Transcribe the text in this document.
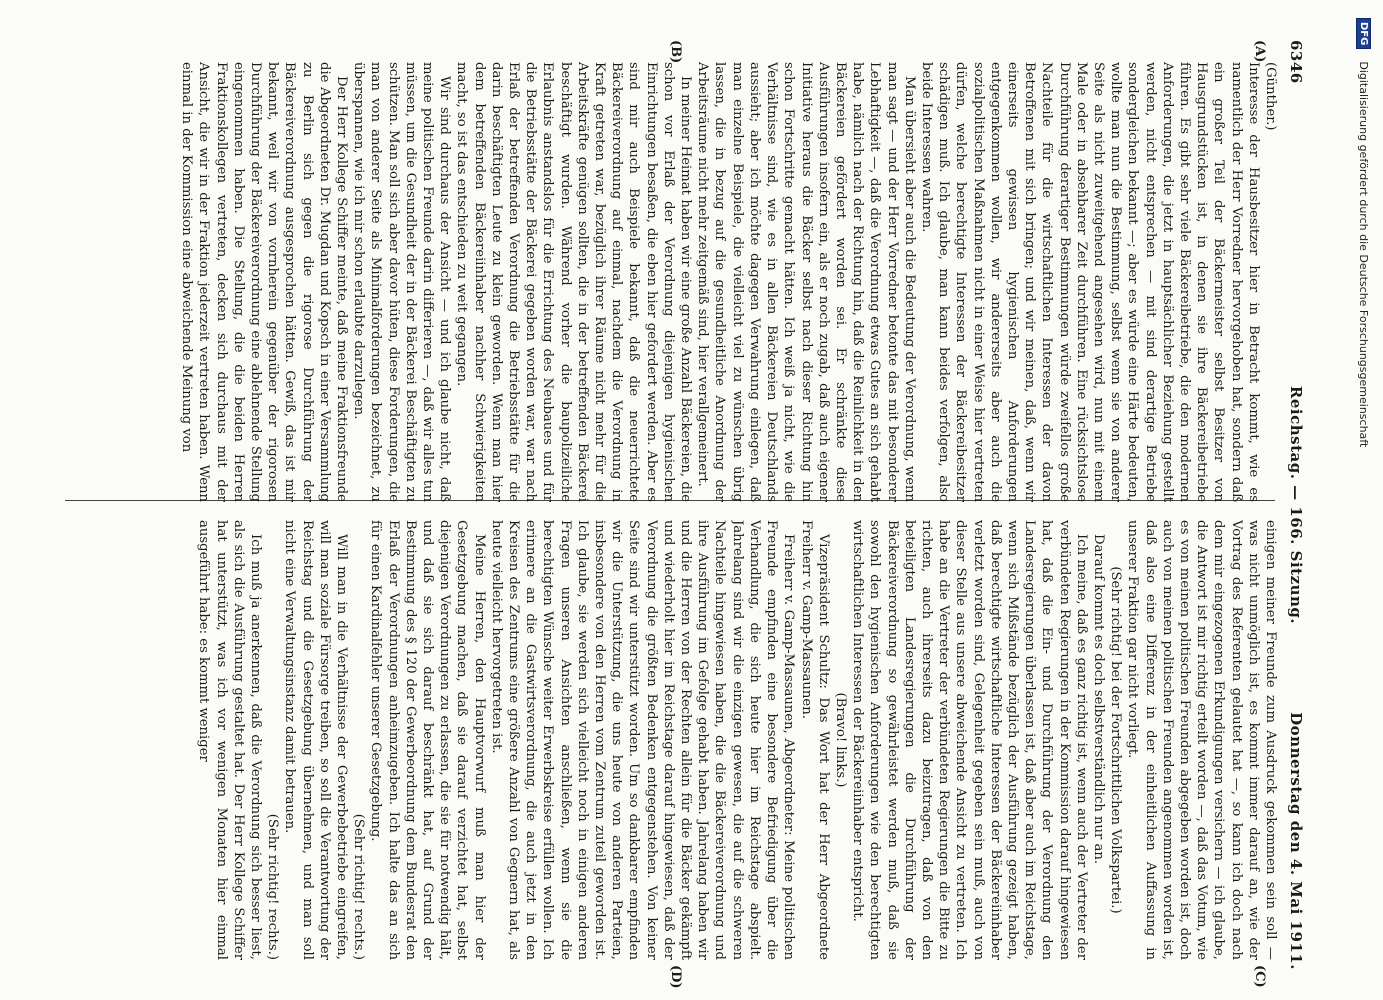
DFG
Digitalisierung gefördert durch die Deutsche Forschungsgemeinschaft
6346
Reichstag. — 166. Sitzung.
Donnerstag den 4. Mai 1911.
(A)
(B)
(C)
(D)

(Günther.)

Interesse der Hausbesitzer hier in Betracht kommt, wie es namentlich der Herr Vorredner hervorgehoben hat, sondern daß ein großer Teil der Bäckermeister selbst Besitzer von Hausgrundstücken ist, in denen sie ihre Bäckereibetriebe führen. Es gibt sehr viele Bäckereibetriebe, die den modernen Anforderungen, die jetzt in hauptsächlicher Beziehung gestellt werden, nicht entsprechen — mit sind derartige Betriebe sondergleichen bekannt —; aber es würde eine Härte bedeuten, wollte man nun die Bestimmung, selbst wenn sie von anderer Seite als nicht zuweitgehend angesehen wird, nun mit einem Male oder in absehbarer Zeit durchführen. Eine rücksichtslose Durchführung derartiger Bestimmungen würde zweifellos große Nachteile für die wirtschaftlichen Interessen der davon Betroffenen mit sich bringen; und wir meinen, daß, wenn wir einerseits gewissen hygienischen Anforderungen entgegenkommen wollen, wir andererseits aber auch die sozialpolitischen Maßnahmen nicht in einer Weise hier vertreten dürfen, welche berechtigte Interessen der Bäckereibesitzer schädigen muß. Ich glaube, man kann beides verfolgen, also beide Interessen wahren.

Man übersieht aber auch die Bedeutung der Verordnung, wenn man sagt — und der Herr Vorredner betonte das mit besonderer Lebhaftigkeit —, daß die Verordnung etwas Gutes an sich gehabt habe, nämlich nach der Richtung hin, daß die Reinlichkeit in den Bäckereien gefördert worden sei. Er schränkte diese Ausführungen insofern ein, als er noch zugab, daß auch eigener Initiative heraus die Bäcker selbst nach dieser Richtung hin schon Fortschritte gemacht hätten. Ich weiß ja nicht, wie die Verhältnisse sind, wie es in allen Bäckereien Deutschlands aussieht; aber ich möchte dagegen Verwahrung einlegen, daß man einzelne Beispiele, die vielleicht viel zu wünschen übrig lassen, die in bezug auf die gesundheitliche Anordnung der Arbeitsräume nicht mehr zeitgemäß sind, hier verallgemeinert.

In meiner Heimat haben wir eine große Anzahl Bäckereien, die schon vor Erlaß der Verordnung diejenigen hygienischen Einrichtungen besaßen, die eben hier gefordert werden. Aber es sind mir auch Beispiele bekannt, daß die neuerrichtete Bäckereiverordnung auf einmal, nachdem die Verordnung in Kraft getreten war, bezüglich ihrer Räume nicht mehr für die Arbeitskräfte genügen sollten, die in der betreffenden Bäckerei beschäftigt wurden. Während vorher die baupolizeiliche Erlaubnis anstandslos für die Errichtung des Neubaues und für die Betriebsstätte der Bäckerei gegeben worden war, war nach Erlaß der betreffenden Verordnung die Betriebsstätte für die darin beschäftigten Leute zu klein geworden. Wenn man hier dem betreffenden Bäckereiinhaber nachher Schwierigkeiten macht, so ist das entschieden zu weit gegangen.

Wir sind durchaus der Ansicht — und ich glaube nicht, daß meine politischen Freunde darin differieren —, daß wir alles tun müssen, um die Gesundheit der in der Bäckerei Beschäftigten zu schützen. Man soll sich aber davor hüten, diese Forderungen, die man von anderer Seite als Minimalforderungen bezeichnet, zu überspannen, wie ich mir schon erlaubte darzulegen.

Der Herr Kollege Schiffer meinte, daß meine Fraktionsfreunde die Abgeordneten Dr. Mugdan und Kopsch in einer Versammlung zu Berlin sich gegen die rigorose Durchführung der Bäckereiverordnung ausgesprochen hätten. Gewiß, das ist mir bekannt, weil wir von vornherein gegenüber der rigorosen Durchführung der Bäckereiverordnung eine ablehnende Stellung eingenommen haben. Die Stellung, die die beiden Herren Fraktionskollegen vertreten, decken sich durchaus mit der Ansicht, die wir in der Fraktion jederzeit vertreten haben. Wenn einmal in der Kommission eine abweichende Meinung von

einigen meiner Freunde zum Ausdruck gekommen sein soll — was nicht unmöglich ist, es kommt immer darauf an, wie der Vortrag des Referenten gelautet hat —, so kann ich doch nach dem mir eingezogenen Erkundigungen versichern — ich glaube, die Antwort ist mir richtig erteilt worden —, daß das Votum, wie es von meinen politischen Freunden abgegeben worden ist, doch auch von meinen politischen Freunden angenommen worden ist, daß also eine Differenz in der einheitlichen Auffassung in unserer Fraktion gar nicht vorliegt.

(Sehr richtig! bei der Fortschrittlichen Volkspartei.)

Darauf kommt es doch selbstverständlich nur an.

Ich meine, daß es ganz richtig ist, wenn auch der Vertreter der verbündeten Regierungen in der Kommission darauf hingewiesen hat, daß die Ein- und Durchführung der Verordnung den Landesregierungen überlassen ist, daß aber auch im Reichstage, wenn sich Mißstände bezüglich der Ausführung gezeigt haben, daß berechtigte wirtschaftliche Interessen der Bäckereiinhaber verletzt worden sind, Gelegenheit gegeben sein muß, auch von dieser Stelle aus unsere abweichende Ansicht zu vertreten. Ich habe an die Vertreter der verbündeten Regierungen die Bitte zu richten, auch ihrerseits dazu beizutragen, daß von den beteiligten Landesregierungen die Durchführung der Bäckereiverordnung so gewährleistet werden muß, daß sie sowohl den hygienischen Anforderungen wie den berechtigten wirtschaftlichen Interessen der Bäckereiinhaber entspricht.

(Bravo! links.)

Vizepräsident Schultz: Das Wort hat der Herr Abgeordnete Freiherr v. Gamp-Massaunen.

Freiherr v. Gamp-Massaunen, Abgeordneter: Meine politischen Freunde empfinden eine besondere Befriedigung über die Verhandlung, die sich heute hier im Reichstage abspielt. Jahrelang sind wir die einzigen gewesen, die auf die schweren Nachteile hingewiesen haben, die die Bäckereiverordnung und ihre Ausführung im Gefolge gehabt haben. Jahrelang haben wir und die Herren von der Rechten allein für die Bäcker gekämpft und wiederholt hier im Reichstage darauf hingewiesen, daß der Verordnung die größten Bedenken entgegenstehen. Von keiner Seite sind wir unterstützt worden. Um so dankbarer empfinden wir die Unterstützung, die uns heute von anderen Parteien, insbesondere von den Herren vom Zentrum zuteil geworden ist. Ich glaube, sie werden sich vielleicht noch in einigen anderen Fragen unseren Ansichten anschließen, wenn sie die berechtigten Wünsche weiter Erwerbskreise erfüllen wollen. Ich erinnere an die Gastwirtsverordnung, die auch jetzt in den Kreisen des Zentrums eine größere Anzahl von Gegnern hat, als heute vielleicht hervorgetreten ist.

Meine Herren, den Hauptvorwurf muß man hier der Gesetzgebung machen, daß sie darauf verzichtet hat, selbst diejenigen Verordnungen zu erlassen, die sie für notwendig hält, und daß sie sich darauf beschränkt hat, auf Grund der Bestimmung des § 120 der Gewerbeordnung dem Bundesrat den Erlaß der Verordnungen anheimzugeben. Ich halte das an sich für einen Kardinalfehler unserer Gesetzgebung.

(Sehr richtig! rechts.)

Will man in die Verhältnisse der Gewerbebetriebe eingreifen, will man soziale Fürsorge treiben, so soll die Verantwortung der Reichstag und die Gesetzgebung übernehmen, und man soll nicht eine Verwaltungsinstanz damit betrauen.

(Sehr richtig! rechts.)

Ich muß ja anerkennen, daß die Verordnung sich besser liest, als sich die Ausführung gestaltet hat. Der Herr Kollege Schiffer hat unterstützt, was ich vor wenigen Monaten hier einmal ausgeführt habe: es kommt weniger
